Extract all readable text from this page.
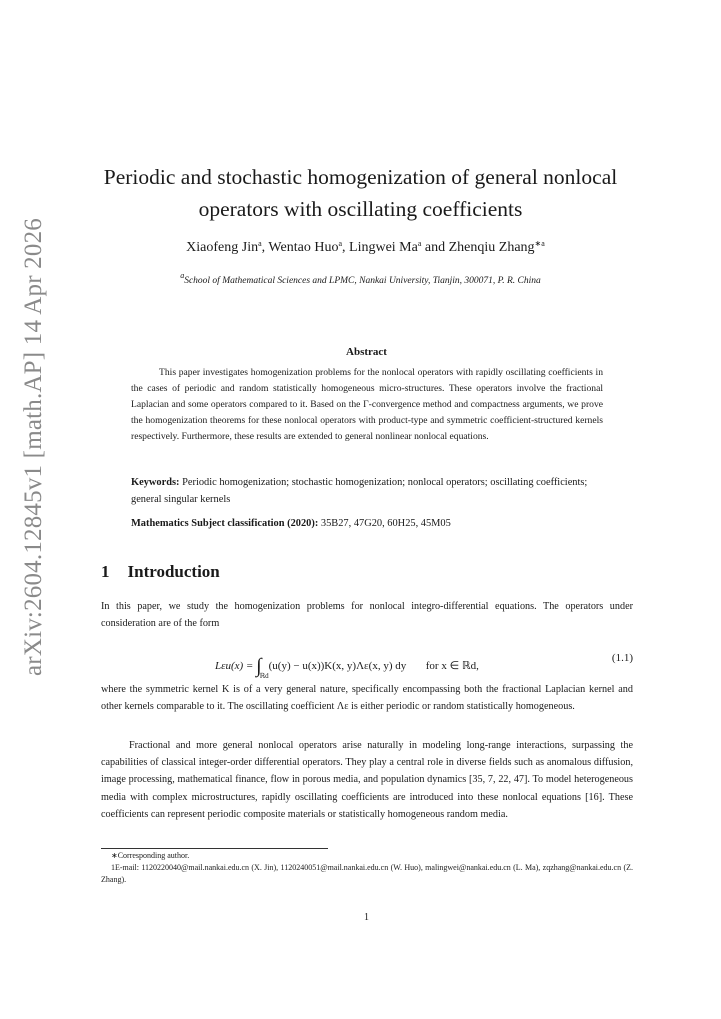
arXiv:2604.12845v1 [math.AP] 14 Apr 2026
Periodic and stochastic homogenization of general nonlocal
operators with oscillating coefficients
Xiaofeng Jin$^a$, Wentao Huo$^a$, Lingwei Ma$^a$ and Zhenqiu Zhang$^{∗a}$
$^a$School of Mathematical Sciences and LPMC, Nankai University, Tianjin, 300071, P. R. China
Abstract
This paper investigates homogenization problems for the nonlocal operators with rapidly oscillating coefficients in the cases of periodic and random statistically homogeneous micro-structures. These operators involve the fractional Laplacian and some operators compared to it. Based on the Γ-convergence method and compactness arguments, we prove the homogenization theorems for these nonlocal operators with product-type and symmetric coefficient-structured kernels respectively. Furthermore, these results are extended to general nonlinear nonlocal equations.
Keywords: Periodic homogenization; stochastic homogenization; nonlocal operators; oscillating coefficients; general singular kernels
Mathematics Subject classification (2020): 35B27, 47G20, 60H25, 45M05
1 Introduction
In this paper, we study the homogenization problems for nonlocal integro-differential equations. The operators under consideration are of the form
$L\varepsilon u(x) = \int_{ℝd}(u(y) - u(x))K(x$, y)Λε(x, y) dy for x ∈ ℝd,
(1.1)
where the symmetric kernel K is of a very general nature, specifically encompassing both the fractional Laplacian kernel and other kernels comparable to it. The oscillating coefficient Λε is either periodic or random statistically homogeneous.
Fractional and more general nonlocal operators arise naturally in modeling long-range interactions, surpassing the capabilities of classical integer-order differential operators. They play a central role in diverse fields such as anomalous diffusion, image processing, mathematical finance, flow in porous media, and population dynamics [35, 7, 22, 47]. To model heterogeneous media with complex microstructures, rapidly oscillating coefficients are introduced into these nonlocal equations [16]. These coefficients can represent periodic composite materials or statistically homogeneous random media.
∗Corresponding author.
1E-mail: 1120220040@mail.nankai.edu.cn (X. Jin), 1120240051@mail.nankai.edu.cn (W. Huo), malingwei@nankai.edu.cn (L. Ma), zqzhang@nankai.edu.cn (Z. Zhang).
1
